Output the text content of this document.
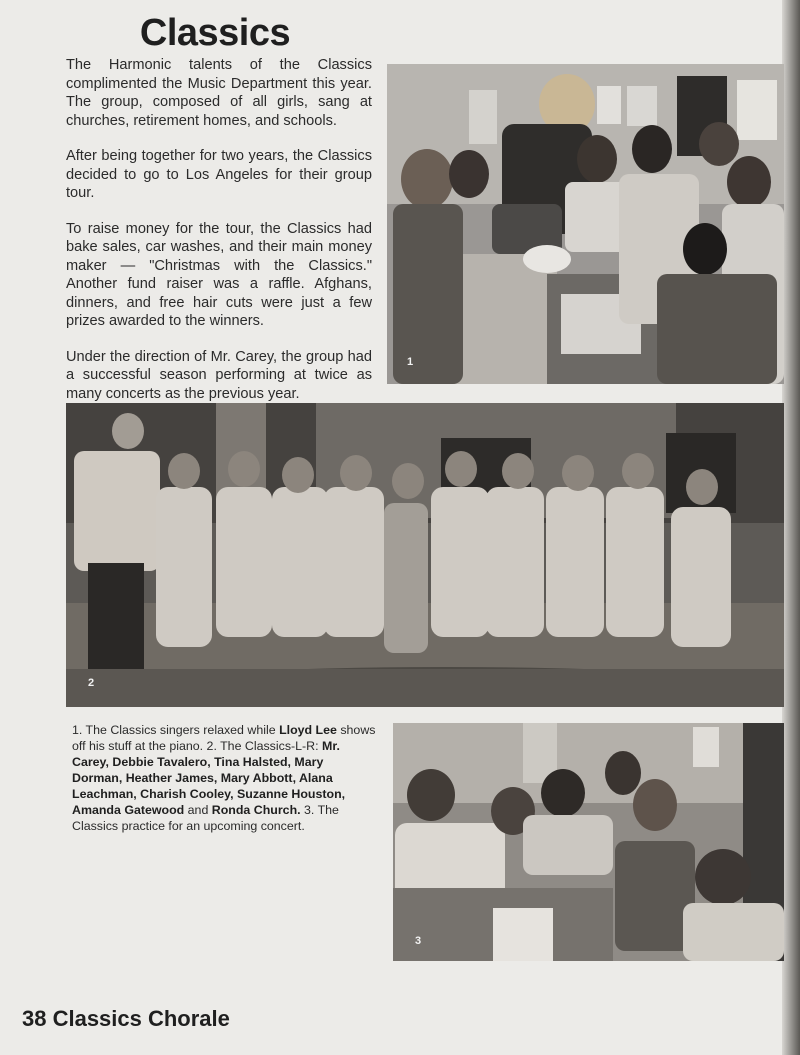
Classics

The Harmonic talents of the Classics complimented the Music Department this year. The group, composed of all girls, sang at churches, retirement homes, and schools.

After being together for two years, the Classics decided to go to Los Angeles for their group tour.

To raise money for the tour, the Classics had bake sales, car washes, and their main money maker — "Christmas with the Classics." Another fund raiser was a raffle. Afghans, dinners, and free hair cuts were just a few prizes awarded to the winners.

Under the direction of Mr. Carey, the group had a successful season performing at twice as many concerts as the previous year.

1
2
3
1. The Classics singers relaxed while Lloyd Lee shows off his stuff at the piano. 2. The Classics-L-R: Mr. Carey, Debbie Tavalero, Tina Halsted, Mary Dorman, Heather James, Mary Abbott, Alana Leachman, Charish Cooley, Suzanne Houston, Amanda Gatewood and Ronda Church. 3. The Classics practice for an upcoming concert.
38 Classics Chorale
